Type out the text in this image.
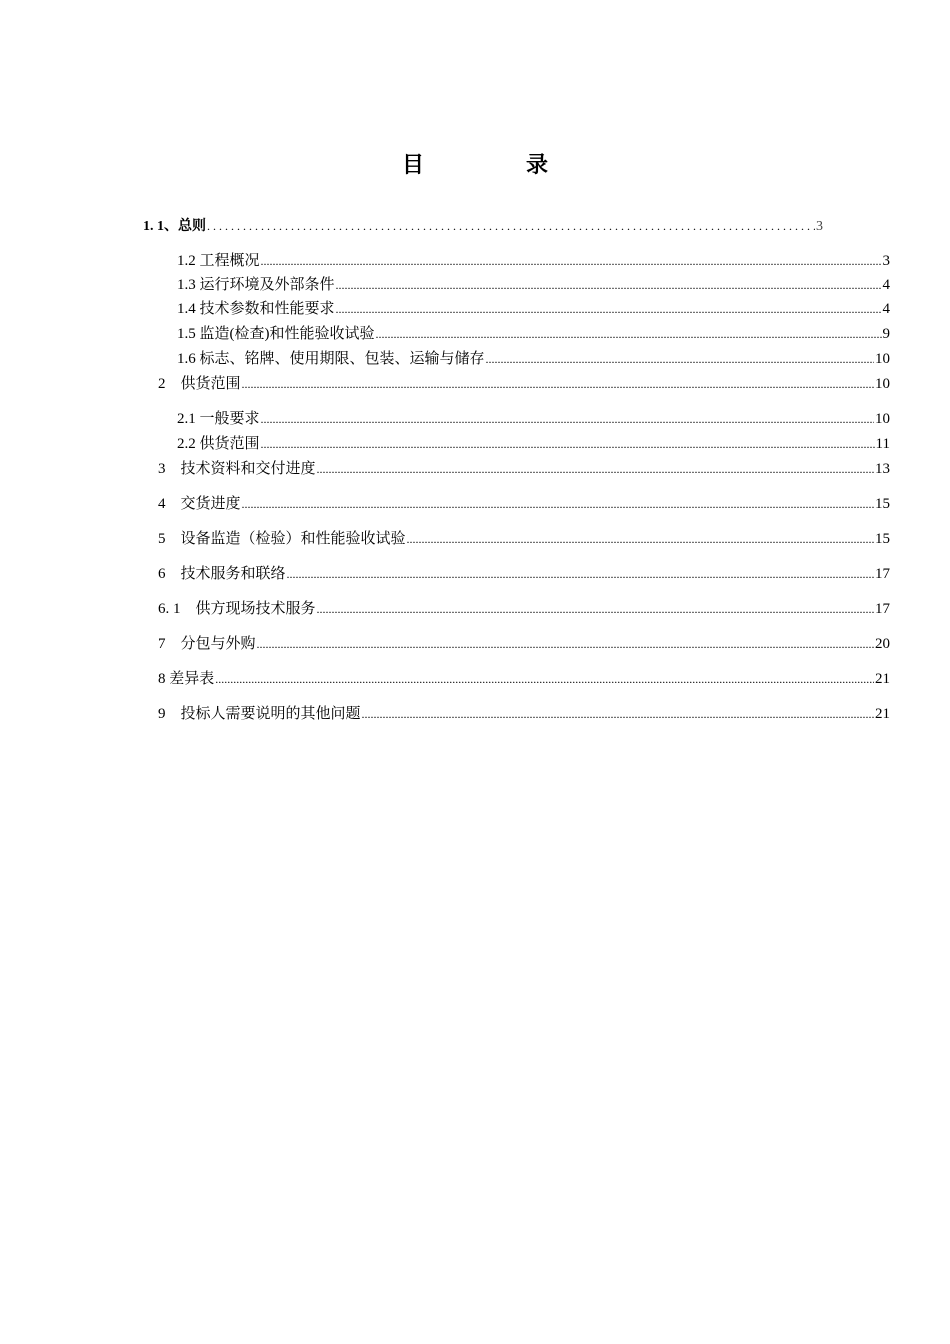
目　录
1. 1、总则 .....	3
1.2 工程概况 .....	3
1.3 运行环境及外部条件 .....	4
1.4 技术参数和性能要求 .....	4
1.5 监造(检查)和性能验收试验 .....	9
1.6 标志、铭牌、使用期限、包装、运输与储存 .....	10
2　供货范围 .....	10
2.1 一般要求 .....	10
2.2 供货范围 .....	11
3　技术资料和交付进度 .....	13
4　交货进度 .....	15
5　设备监造（检验）和性能验收试验 .....	15
6　技术服务和联络 .....	17
6. 1　供方现场技术服务 .....	17
7　分包与外购 .....	20
8 差异表 .....	21
9　投标人需要说明的其他问题 .....	21
